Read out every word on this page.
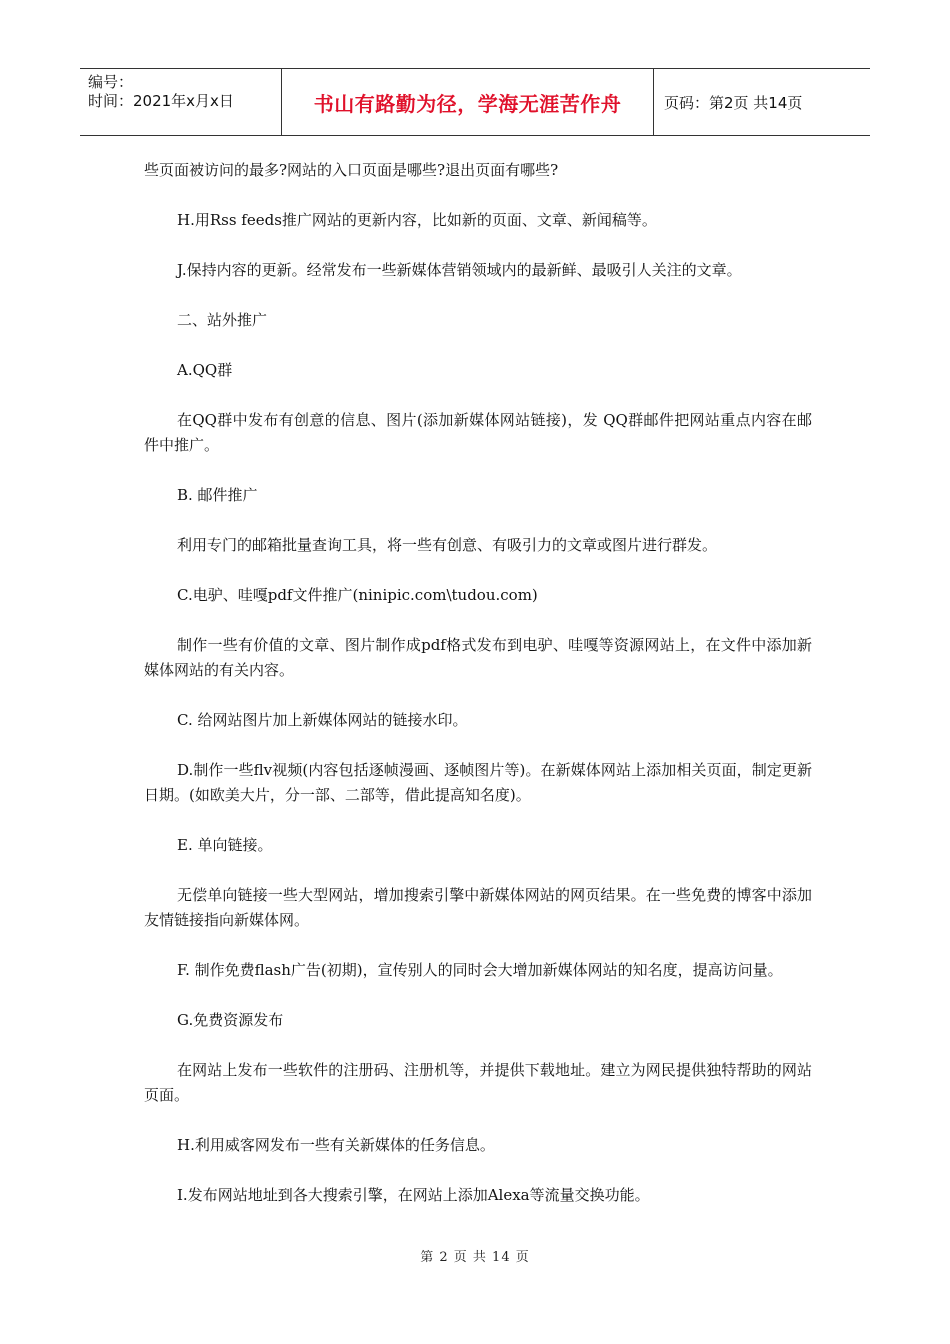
编号：
时间：2021年x月x日	书山有路勤为径，学海无涯苦作舟	页码：第2页 共14页

些页面被访问的最多?网站的入口页面是哪些?退出页面有哪些?

H.用Rss feeds推广网站的更新内容，比如新的页面、文章、新闻稿等。

J.保持内容的更新。经常发布一些新媒体营销领域内的最新鲜、最吸引人关注的文章。

二、站外推广

A.QQ群

在QQ群中发布有创意的信息、图片(添加新媒体网站链接)，发 QQ群邮件把网站重点内容在邮件中推广。

B. 邮件推广

利用专门的邮箱批量查询工具，将一些有创意、有吸引力的文章或图片进行群发。

C.电驴、哇嘎pdf文件推广(ninipic.com\tudou.com)

制作一些有价值的文章、图片制作成pdf格式发布到电驴、哇嘎等资源网站上，在文件中添加新媒体网站的有关内容。

C. 给网站图片加上新媒体网站的链接水印。

D.制作一些flv视频(内容包括逐帧漫画、逐帧图片等)。在新媒体网站上添加相关页面，制定更新日期。(如欧美大片，分一部、二部等，借此提高知名度)。

E. 单向链接。

无偿单向链接一些大型网站，增加搜索引擎中新媒体网站的网页结果。在一些免费的博客中添加友情链接指向新媒体网。

F. 制作免费flash广告(初期)，宣传别人的同时会大增加新媒体网站的知名度，提高访问量。

G.免费资源发布

在网站上发布一些软件的注册码、注册机等，并提供下载地址。建立为网民提供独特帮助的网站页面。

H.利用威客网发布一些有关新媒体的任务信息。

I.发布网站地址到各大搜索引擎，在网站上添加Alexa等流量交换功能。

第 2 页 共 14 页
